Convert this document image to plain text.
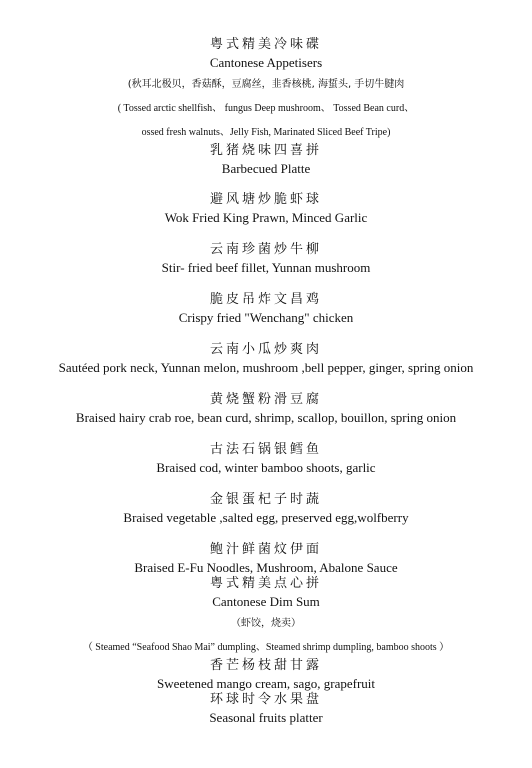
粤式精美冷味碟
Cantonese Appetisers
(秋耳北极贝，香菇酥，豆腐丝，韭香核桃, 海蜇头, 手切牛腱肉
( Tossed arctic shellfish、 fungus Deep mushroom、 Tossed Bean curd、
ossed fresh walnuts、Jelly Fish, Marinated Sliced Beef Tripe)
乳猪烧味四喜拼
Barbecued Platte
避风塘炒脆虾球
Wok Fried King Prawn, Minced Garlic
云南珍菌炒牛柳
Stir- fried beef fillet, Yunnan mushroom
脆皮吊炸文昌鸡
Crispy fried "Wenchang" chicken
云南小瓜炒爽肉
Sautéed pork neck, Yunnan melon, mushroom ,bell pepper, ginger, spring onion
黄烧蟹粉滑豆腐
Braised hairy crab roe, bean curd, shrimp, scallop, bouillon, spring onion
古法石锅银鳕鱼
Braised cod, winter bamboo shoots, garlic
金银蛋杞子时蔬
Braised vegetable ,salted egg, preserved egg,wolfberry
鲍汁鲜菌炆伊面
Braised E-Fu Noodles, Mushroom, Abalone Sauce
粤式精美点心拼
Cantonese Dim Sum
（虾饺，烧卖）
（ Steamed “Seafood Shao Mai” dumpling、Steamed shrimp dumpling, bamboo shoots ）
香芒杨枝甜甘露
Sweetened mango cream, sago, grapefruit
环球时令水果盘
Seasonal fruits platter
